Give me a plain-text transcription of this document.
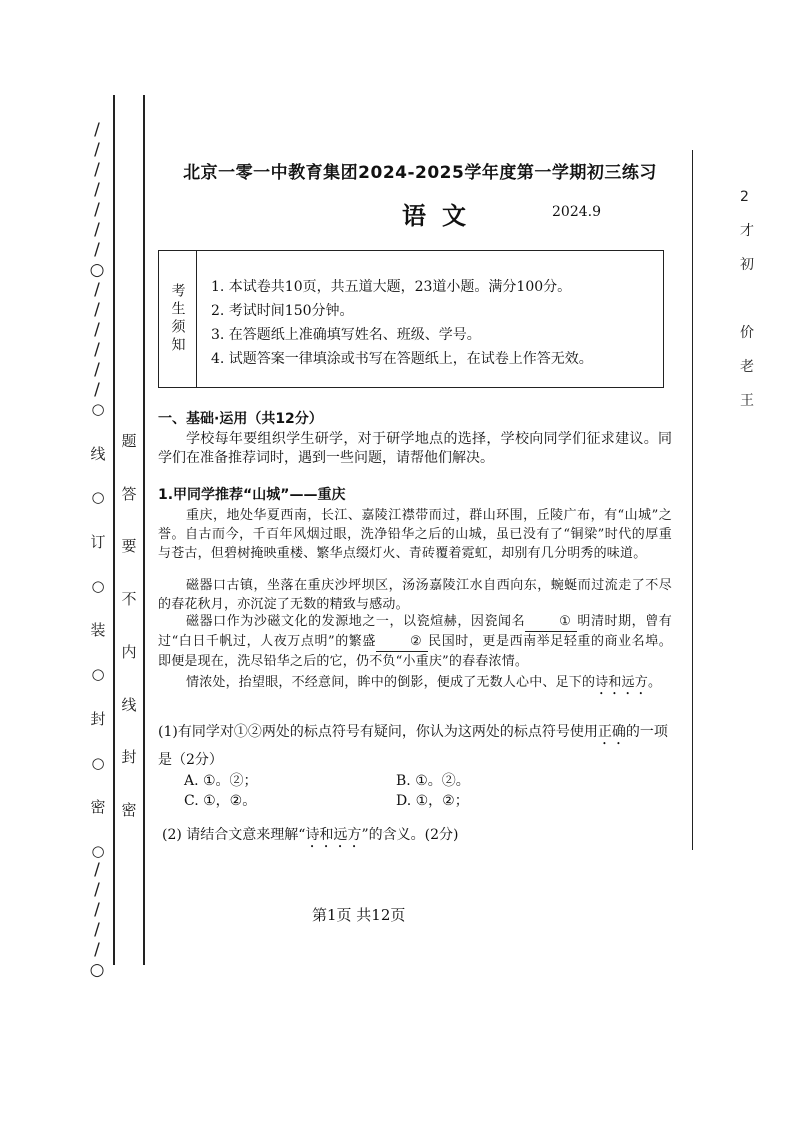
/
/
/
/
/
/
/
○
/
/
/
/
/
/
/
/
/
/
/
○
○
线
○
订
○
装
○
封
○
密
○
题
答
要
不
内
线
封
密
北京一零一中教育集团2024-2025学年度第一学期初三练习
语文	2024.9
考生须知	1. 本试卷共10页，共五道大题，23道小题。满分100分。
2. 考试时间150分钟。
3. 在答题纸上准确填写姓名、班级、学号。
4. 试题答案一律填涂或书写在答题纸上，在试卷上作答无效。
一、基础·运用（共12分）
学校每年要组织学生研学，对于研学地点的选择，学校向同学们征求建议。同学们在准备推荐词时，遇到一些问题，请帮他们解决。
1.甲同学推荐“山城”——重庆
重庆，地处华夏西南，长江、嘉陵江襟带而过，群山环围，丘陵广布，有“山城”之誉。自古而今，千百年风烟过眼，洗净铅华之后的山城，虽已没有了“铜梁”时代的厚重与苍古，但碧树掩映重楼、繁华点缀灯火、青砖覆着霓虹，却别有几分明秀的味道。
磁器口古镇，坐落在重庆沙坪坝区，汤汤嘉陵江水自西向东，蜿蜒而过流走了不尽的春花秋月，亦沉淀了无数的精致与感动。
磁器口作为沙磁文化的发源地之一，以瓷煊赫，因瓷闻名	① 明清时期，曾有过“白日千帆过，人夜万点明”的繁盛	② 民国时，更是西南举足轻重的商业名埠。即便是现在，洗尽铅华之后的它，仍不负“小重庆”的春春浓情。
情浓处，抬望眼，不经意间，眸中的倒影，便成了无数人心中、足下的诗和远方。
(1)有同学对①②两处的标点符号有疑问，你认为这两处的标点符号使用正确的一项是（2分）
A. ①。②；	B. ①。②。
C. ①，②。	D. ①，②；
(2) 请结合文意来理解“诗和远方”的含义。(2分)
2
才
初

价
老
王
第1页 共12页
